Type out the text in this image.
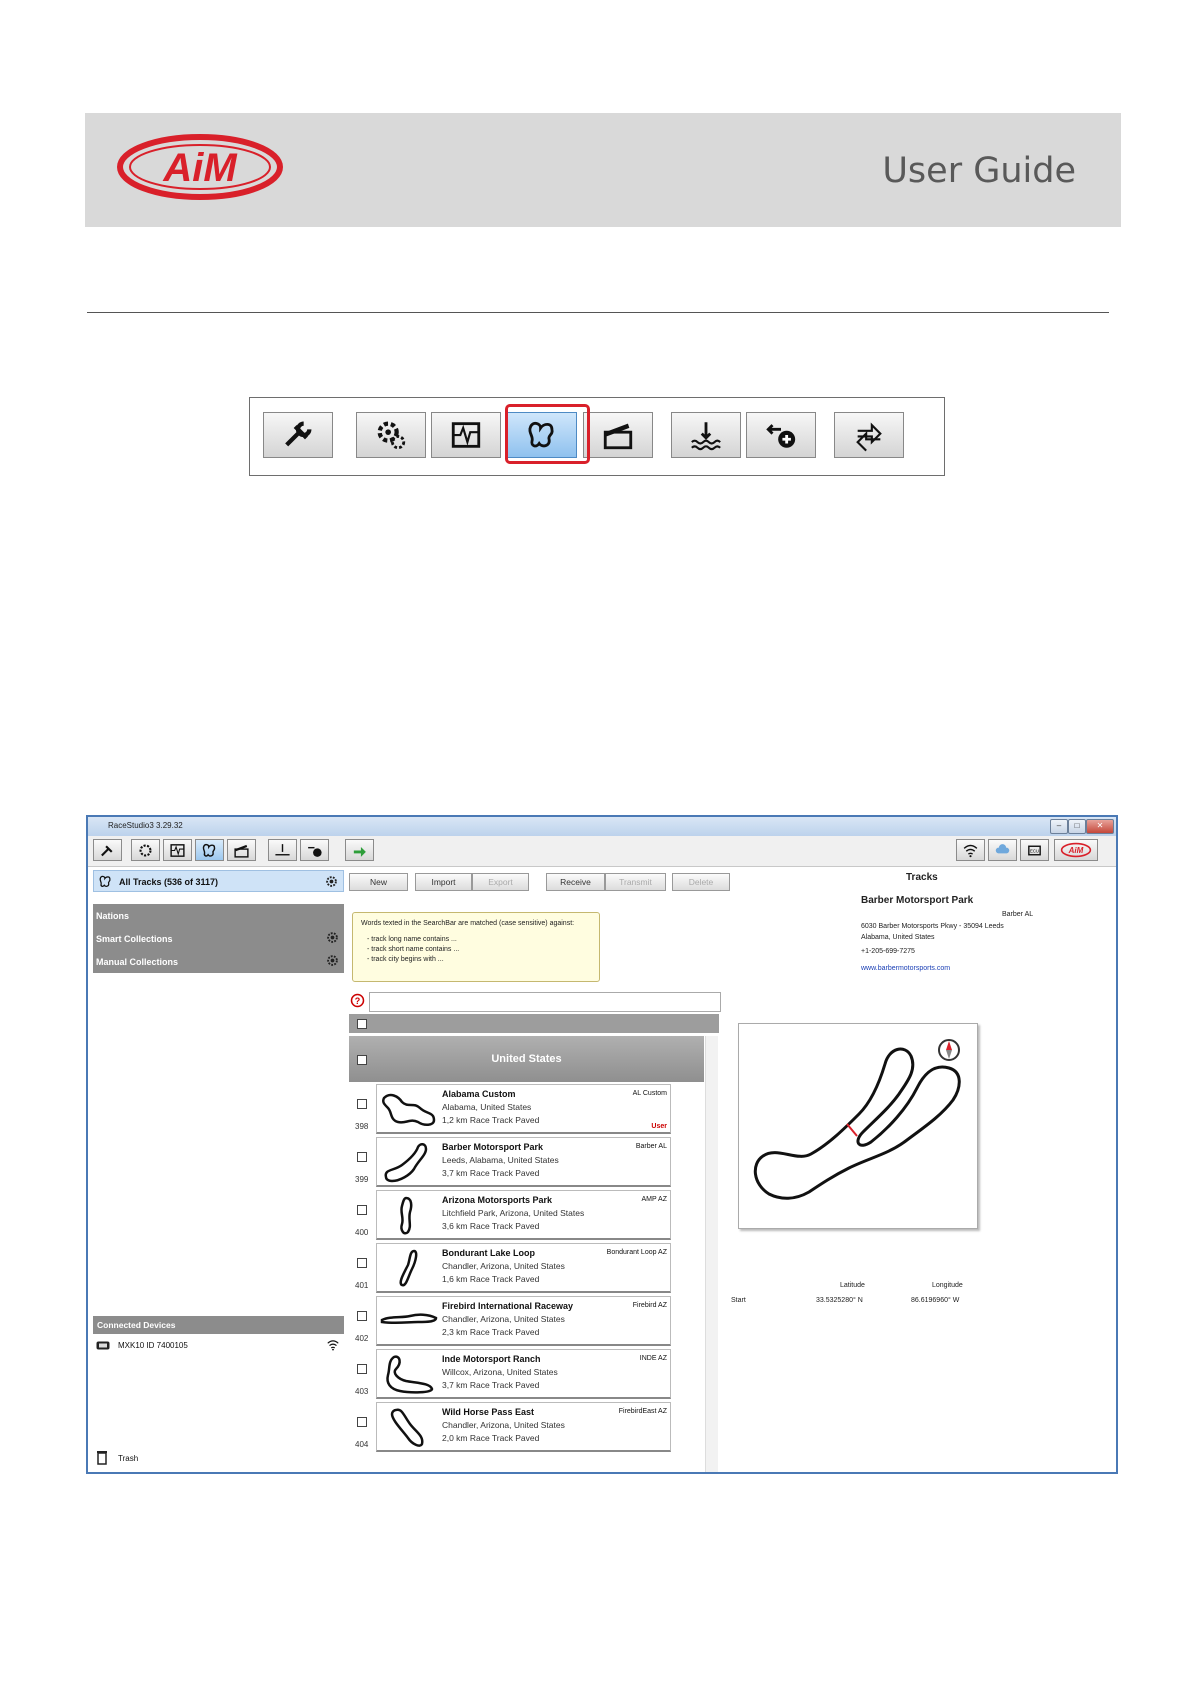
AiM	User Guide
RaceStudio3 3.29.32	–	□	✕
ECU	AiM
All Tracks (536 of 3117)
Nations
Smart Collections
Manual Collections
Connected Devices
MXK10 ID 7400105
Trash
New	Import	Export	Receive	Transmit	Delete
Words texted in the SearchBar are matched (case sensitive) against:
- track long name contains ...
- track short name contains ...
- track city begins with ...
?
United States
398
Alabama Custom
Alabama, United States
1,2 km Race Track Paved
AL Custom
User
399
Barber Motorsport Park
Leeds, Alabama, United States
3,7 km Race Track Paved
Barber AL
400
Arizona Motorsports Park
Litchfield Park, Arizona, United States
3,6 km Race Track Paved
AMP AZ
401
Bondurant Lake Loop
Chandler, Arizona, United States
1,6 km Race Track Paved
Bondurant Loop AZ
402
Firebird International Raceway
Chandler, Arizona, United States
2,3 km Race Track Paved
Firebird AZ
403
Inde Motorsport Ranch
Willcox, Arizona, United States
3,7 km Race Track Paved
INDE AZ
404
Wild Horse Pass East
Chandler, Arizona, United States
2,0 km Race Track Paved
FirebirdEast AZ
Tracks
Barber Motorsport Park
Barber AL
6030 Barber Motorsports Pkwy - 35094 Leeds
Alabama, United States
+1-205-699-7275
www.barbermotorsports.com
Latitude	Longitude
Start	33.5325280° N	86.6196960° W
